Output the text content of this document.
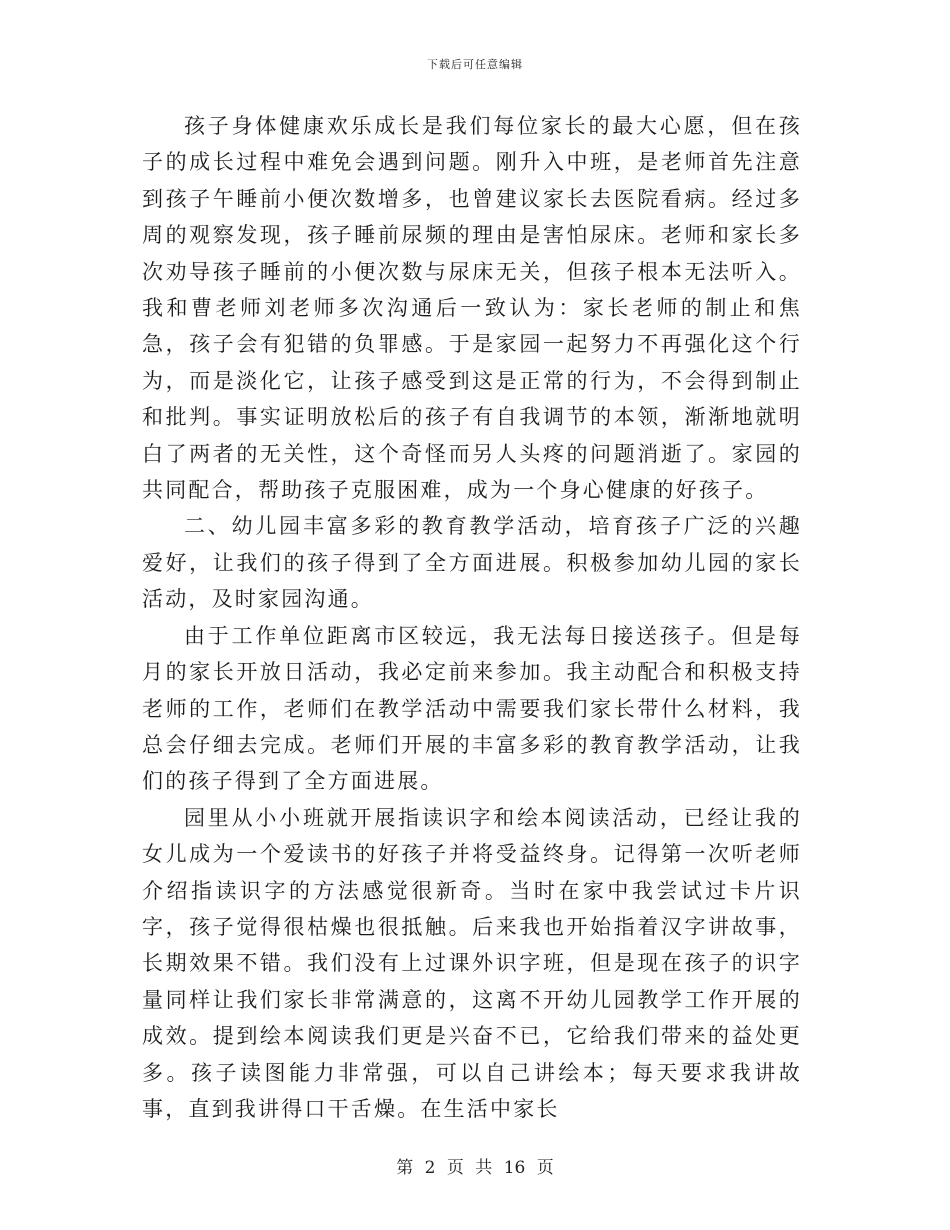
下载后可任意编辑

孩子身体健康欢乐成长是我们每位家长的最大心愿，但在孩子的成长过程中难免会遇到问题。刚升入中班，是老师首先注意到孩子午睡前小便次数增多，也曾建议家长去医院看病。经过多周的观察发现，孩子睡前尿频的理由是害怕尿床。老师和家长多次劝导孩子睡前的小便次数与尿床无关，但孩子根本无法听入。我和曹老师刘老师多次沟通后一致认为：家长老师的制止和焦急，孩子会有犯错的负罪感。于是家园一起努力不再强化这个行为，而是淡化它，让孩子感受到这是正常的行为，不会得到制止和批判。事实证明放松后的孩子有自我调节的本领，渐渐地就明白了两者的无关性，这个奇怪而另人头疼的问题消逝了。家园的共同配合，帮助孩子克服困难，成为一个身心健康的好孩子。

二、幼儿园丰富多彩的教育教学活动，培育孩子广泛的兴趣爱好，让我们的孩子得到了全方面进展。积极参加幼儿园的家长活动，及时家园沟通。

由于工作单位距离市区较远，我无法每日接送孩子。但是每月的家长开放日活动，我必定前来参加。我主动配合和积极支持老师的工作，老师们在教学活动中需要我们家长带什么材料，我总会仔细去完成。老师们开展的丰富多彩的教育教学活动，让我们的孩子得到了全方面进展。

园里从小小班就开展指读识字和绘本阅读活动，已经让我的女儿成为一个爱读书的好孩子并将受益终身。记得第一次听老师介绍指读识字的方法感觉很新奇。当时在家中我尝试过卡片识字，孩子觉得很枯燥也很抵触。后来我也开始指着汉字讲故事，长期效果不错。我们没有上过课外识字班，但是现在孩子的识字量同样让我们家长非常满意的，这离不开幼儿园教学工作开展的成效。提到绘本阅读我们更是兴奋不已，它给我们带来的益处更多。孩子读图能力非常强，可以自己讲绘本；每天要求我讲故事，直到我讲得口干舌燥。在生活中家长

第 2 页 共 16 页
